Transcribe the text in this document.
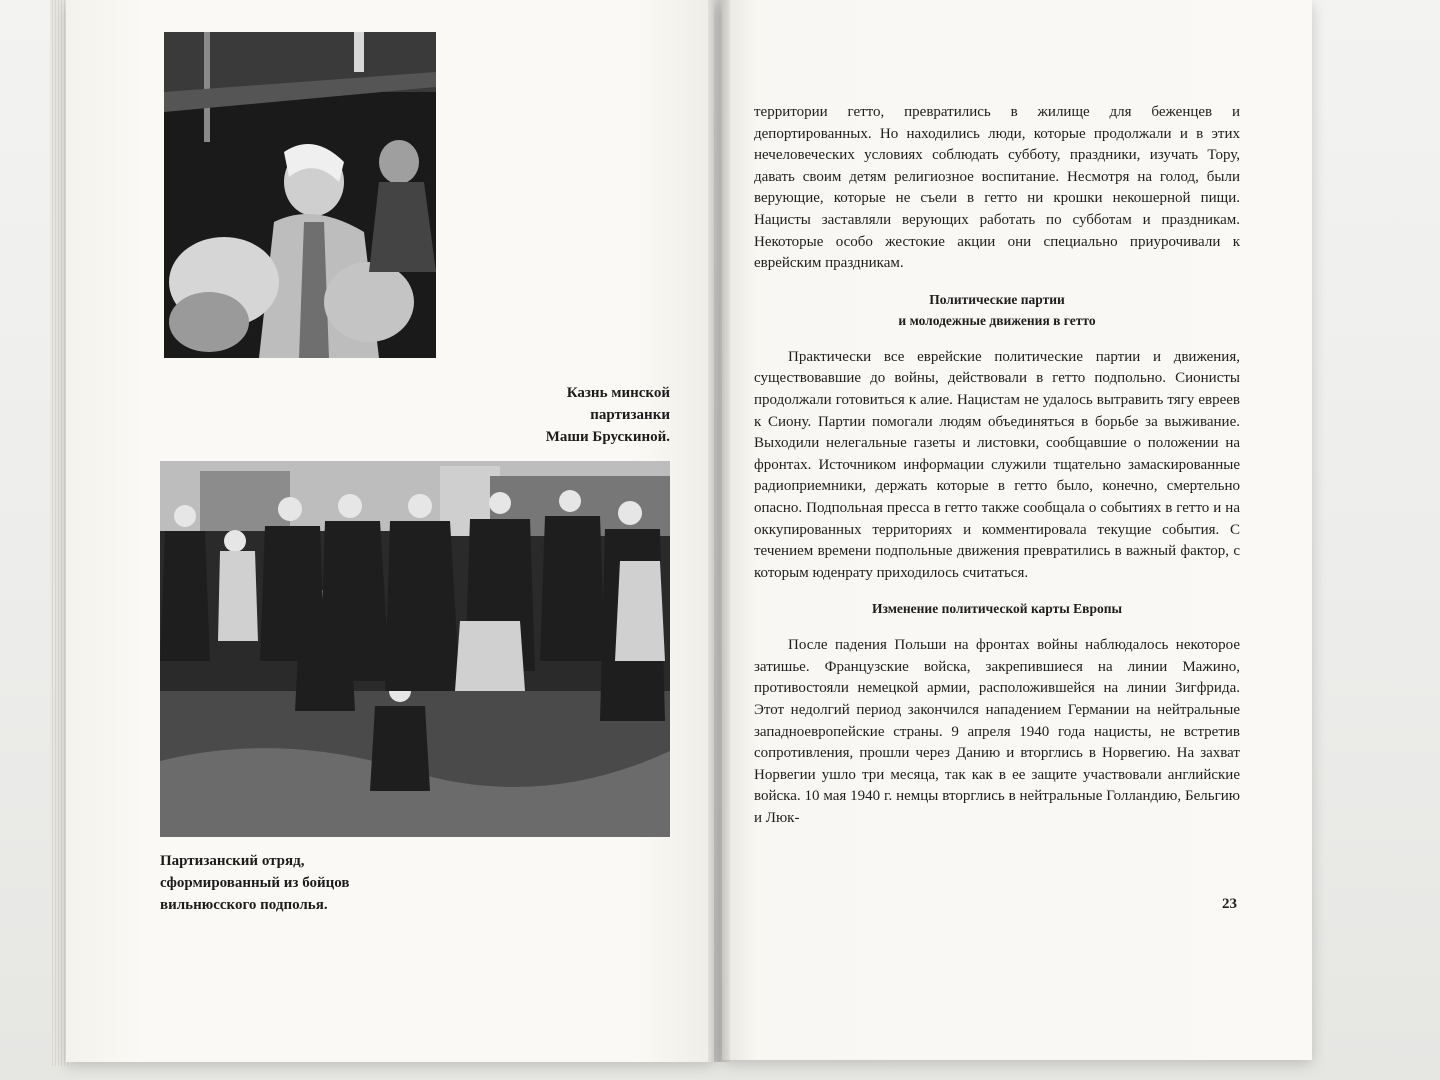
Казнь минской
партизанки
Маши Брускиной.
Партизанский отряд,
сформированный из бойцов
вильнюсского подполья.

территории гетто, превратились в жилище для беженцев и депортированных. Но находились люди, которые продолжали и в этих нечеловеческих условиях соблюдать субботу, праздники, изучать Тору, давать своим детям религиозное воспитание. Несмотря на голод, были верующие, которые не съели в гетто ни крошки некошерной пищи. Нацисты заставляли верующих работать по субботам и праздникам. Некоторые особо жестокие акции они специально приурочивали к еврейским праздникам.

Политические партии
и молодежные движения в гетто

Практически все еврейские политические партии и движения, существовавшие до войны, действовали в гетто подпольно. Сионисты продолжали готовиться к алие. Нацистам не удалось вытравить тягу евреев к Сиону. Партии помогали людям объединяться в борьбе за выживание. Выходили нелегальные газеты и листовки, сообщавшие о положении на фронтах. Источником информации служили тщательно замаскированные радиоприемники, держать которые в гетто было, конечно, смертельно опасно. Подпольная пресса в гетто также сообщала о событиях в гетто и на оккупированных территориях и комментировала текущие события. С течением времени подпольные движения превратились в важный фактор, с которым юденрату приходилось считаться.

Изменение политической карты Европы

После падения Польши на фронтах войны наблюдалось некоторое затишье. Французские войска, закрепившиеся на линии Мажино, противостояли немецкой армии, расположившейся на линии Зигфрида. Этот недолгий период закончился нападением Германии на нейтральные западноевропейские страны. 9 апреля 1940 года нацисты, не встретив сопротивления, прошли через Данию и вторглись в Норвегию. На захват Норвегии ушло три месяца, так как в ее защите участвовали английские войска. 10 мая 1940 г. немцы вторглись в нейтральные Голландию, Бельгию и Люк-

23
